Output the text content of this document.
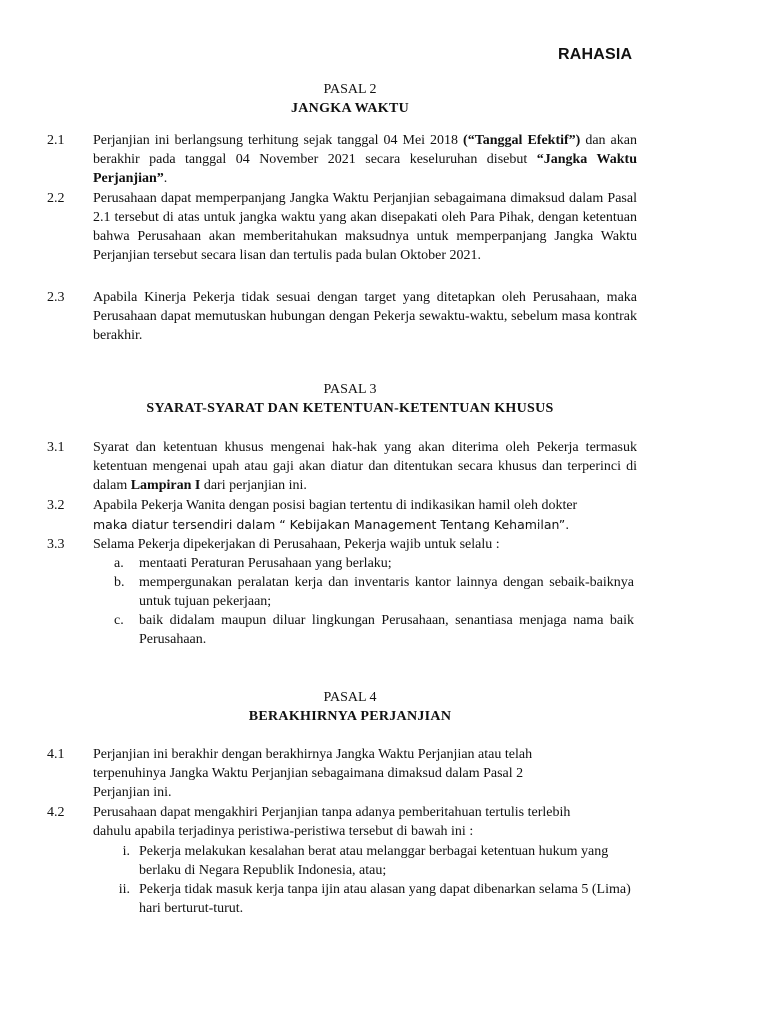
RAHASIA
PASAL 2
JANGKA WAKTU
2.1	Perjanjian ini berlangsung terhitung sejak tanggal 04 Mei 2018 (“Tanggal Efektif”) dan akan berakhir pada tanggal 04 November 2021 secara keseluruhan disebut “Jangka Waktu Perjanjian”.
2.2	Perusahaan dapat memperpanjang Jangka Waktu Perjanjian sebagaimana dimaksud dalam Pasal 2.1 tersebut di atas untuk jangka waktu yang akan disepakati oleh Para Pihak, dengan ketentuan bahwa Perusahaan akan memberitahukan maksudnya untuk memperpanjang Jangka Waktu Perjanjian tersebut secara lisan dan tertulis pada bulan Oktober 2021.
2.3	Apabila Kinerja Pekerja tidak sesuai dengan target yang ditetapkan oleh Perusahaan, maka Perusahaan dapat memutuskan hubungan dengan Pekerja sewaktu-waktu, sebelum masa kontrak berakhir.
PASAL 3
SYARAT-SYARAT DAN KETENTUAN-KETENTUAN KHUSUS
3.1	Syarat dan ketentuan khusus mengenai hak-hak yang akan diterima oleh Pekerja termasuk ketentuan mengenai upah atau gaji akan diatur dan ditentukan secara khusus dan terperinci di dalam Lampiran I dari perjanjian ini.
3.2	Apabila Pekerja Wanita dengan posisi bagian tertentu di indikasikan hamil oleh dokter
maka diatur tersendiri dalam “ Kebijakan Management Tentang Kehamilan”.
3.3	Selama Pekerja dipekerjakan di Perusahaan, Pekerja wajib untuk selalu :
a. mentaati Peraturan Perusahaan yang berlaku;
b. mempergunakan peralatan kerja dan inventaris kantor lainnya dengan sebaik-baiknya untuk tujuan pekerjaan;
c. baik didalam maupun diluar lingkungan Perusahaan, senantiasa menjaga nama baik Perusahaan.
PASAL 4
BERAKHIRNYA PERJANJIAN
4.1	Perjanjian ini berakhir dengan berakhirnya Jangka Waktu Perjanjian atau telah
terpenuhinya Jangka Waktu Perjanjian sebagaimana dimaksud dalam Pasal 2
Perjanjian ini.
4.2	Perusahaan dapat mengakhiri Perjanjian tanpa adanya pemberitahuan tertulis terlebih
dahulu apabila terjadinya peristiwa-peristiwa tersebut di bawah ini :
i. Pekerja melakukan kesalahan berat atau melanggar berbagai ketentuan hukum yang berlaku di Negara Republik Indonesia, atau;
ii. Pekerja tidak masuk kerja tanpa ijin atau alasan yang dapat dibenarkan selama 5 (Lima) hari berturut-turut.
